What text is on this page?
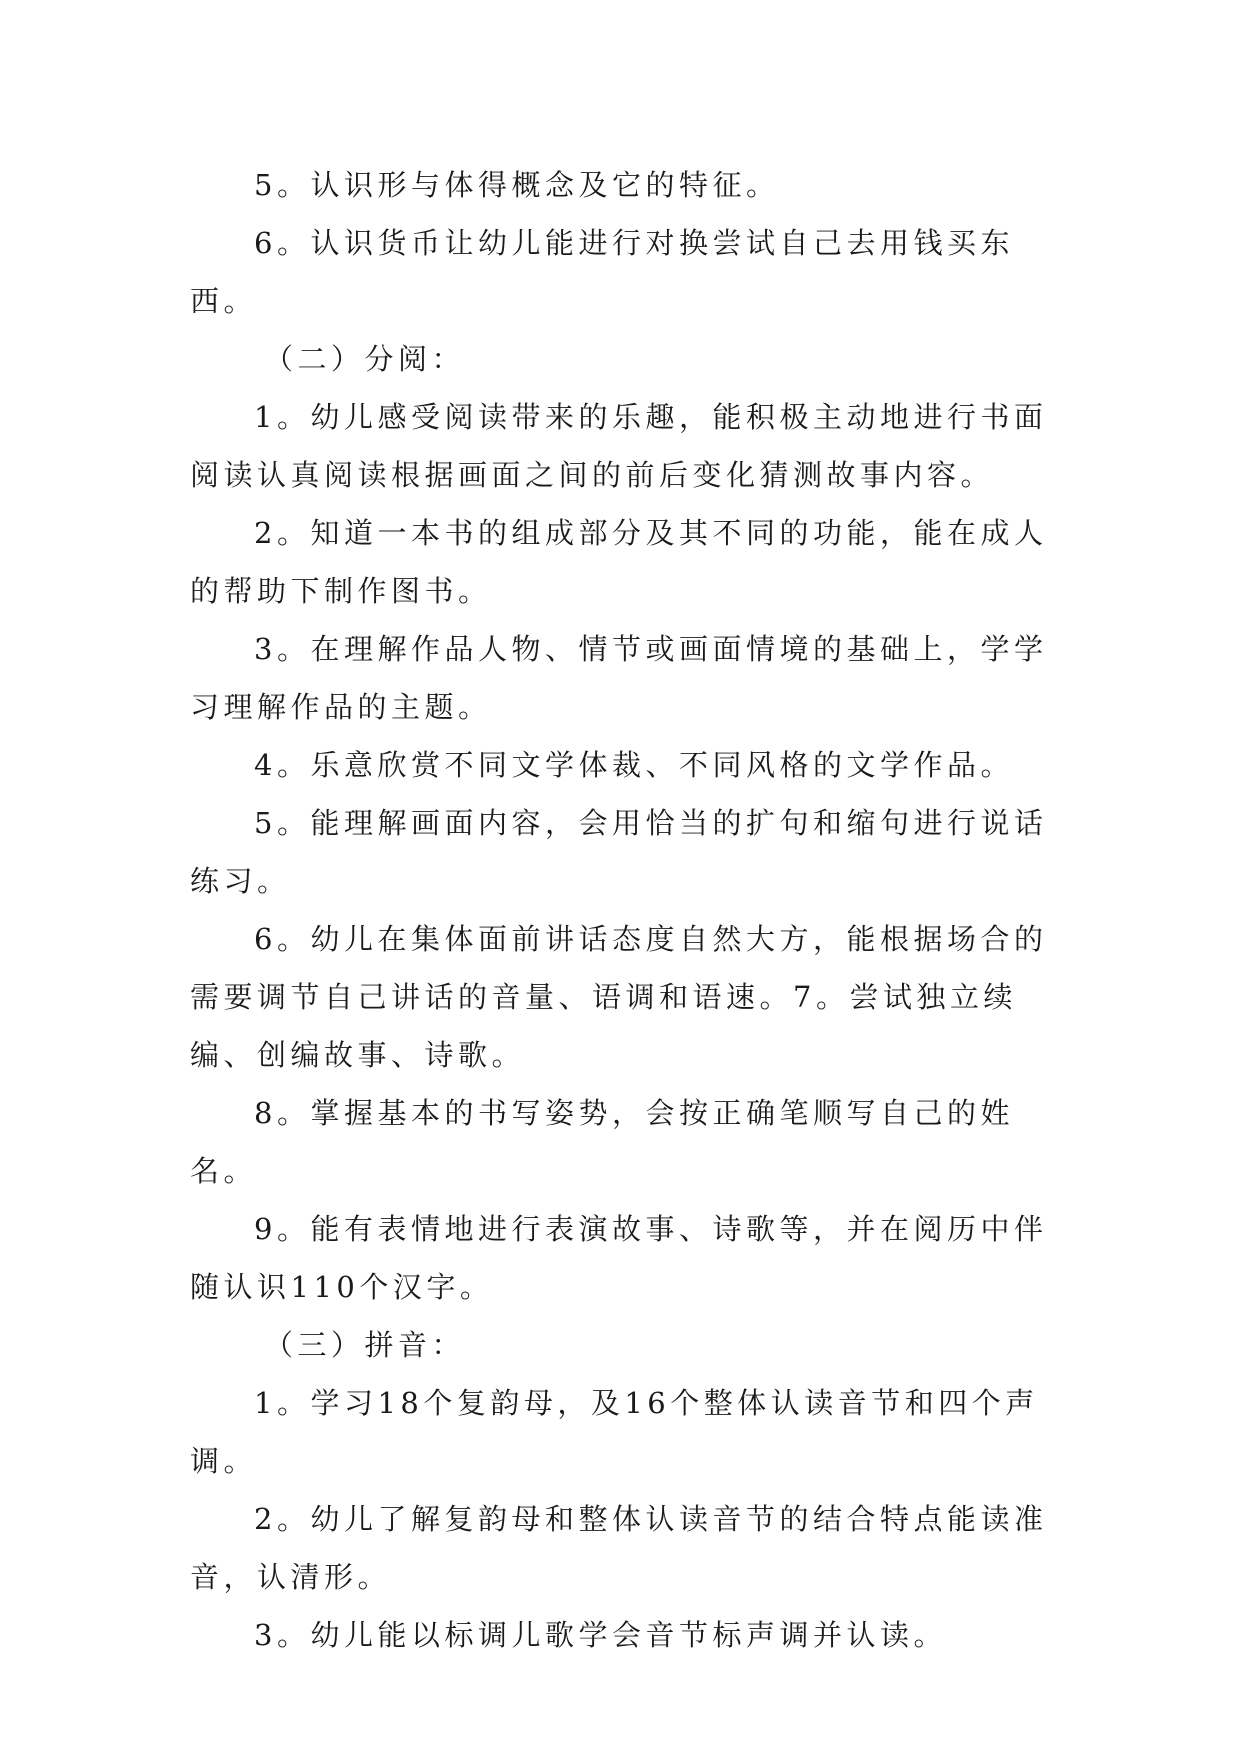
5。认识形与体得概念及它的特征。

6。认识货币让幼儿能进行对换尝试自己去用钱买东西。

（二）分阅：

1。幼儿感受阅读带来的乐趣，能积极主动地进行书面阅读认真阅读根据画面之间的前后变化猜测故事内容。

2。知道一本书的组成部分及其不同的功能，能在成人的帮助下制作图书。

3。在理解作品人物、情节或画面情境的基础上，学学习理解作品的主题。

4。乐意欣赏不同文学体裁、不同风格的文学作品。

5。能理解画面内容，会用恰当的扩句和缩句进行说话练习。

6。幼儿在集体面前讲话态度自然大方，能根据场合的需要调节自己讲话的音量、语调和语速。7。尝试独立续编、创编故事、诗歌。

8。掌握基本的书写姿势，会按正确笔顺写自己的姓名。

9。能有表情地进行表演故事、诗歌等，并在阅历中伴随认识110个汉字。

（三）拼音：

1。学习18个复韵母，及16个整体认读音节和四个声调。

2。幼儿了解复韵母和整体认读音节的结合特点能读准音，认清形。

3。幼儿能以标调儿歌学会音节标声调并认读。
